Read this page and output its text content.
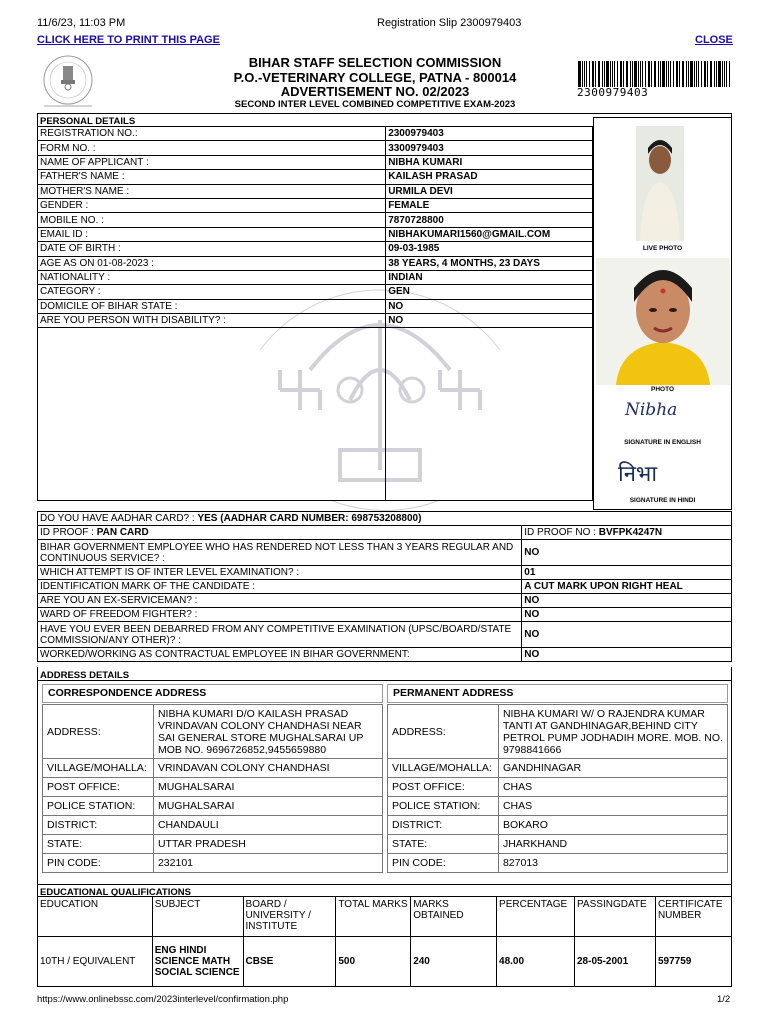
11/6/23, 11:03 PM	Registration Slip 2300979403
CLICK HERE TO PRINT THIS PAGE	CLOSE
BIHAR STAFF SELECTION COMMISSION
P.O.-VETERINARY COLLEGE, PATNA - 800014
ADVERTISEMENT NO. 02/2023
SECOND INTER LEVEL COMBINED COMPETITIVE EXAM-2023
2300979403
PERSONAL DETAILS
REGISTRATION NO.:	2300979403
FORM NO. :	3300979403
NAME OF APPLICANT :	NIBHA KUMARI
FATHER'S NAME :	KAILASH PRASAD
MOTHER'S NAME :	URMILA DEVI
GENDER :	FEMALE
MOBILE NO. :	7870728800
EMAIL ID :	NIBHAKUMARI1560@GMAIL.COM
DATE OF BIRTH :	09-03-1985
AGE AS ON 01-08-2023 :	38 YEARS, 4 MONTHS, 23 DAYS
NATIONALITY :	INDIAN
CATEGORY :	GEN
DOMICILE OF BIHAR STATE :	NO
ARE YOU PERSON WITH DISABILITY? :	NO

LIVE PHOTO
PHOTO
Nibha
SIGNATURE IN ENGLISH
निभा
SIGNATURE IN HINDI
DO YOU HAVE AADHAR CARD? : YES (AADHAR CARD NUMBER: 698753208800)	
ID PROOF : PAN CARD	ID PROOF NO : BVFPK4247N
BIHAR GOVERNMENT EMPLOYEE WHO HAS RENDERED NOT LESS THAN 3 YEARS REGULAR AND CONTINUOUS SERVICE? :	NO
WHICH ATTEMPT IS OF INTER LEVEL EXAMINATION? :	01
IDENTIFICATION MARK OF THE CANDIDATE :	A CUT MARK UPON RIGHT HEAL
ARE YOU AN EX-SERVICEMAN? :	NO
WARD OF FREEDOM FIGHTER? :	NO
HAVE YOU EVER BEEN DEBARRED FROM ANY COMPETITIVE EXAMINATION (UPSC/BOARD/STATE COMMISSION/ANY OTHER)? :	NO
WORKED/WORKING AS CONTRACTUAL EMPLOYEE IN BIHAR GOVERNMENT:	NO
ADDRESS DETAILS
CORRESPONDENCE ADDRESS	PERMANENT ADDRESS
ADDRESS:	NIBHA KUMARI D/O KAILASH PRASAD VRINDAVAN COLONY CHANDHASI NEAR SAI GENERAL STORE MUGHALSARAI UP MOB NO. 9696726852,9455659880
VILLAGE/MOHALLA:	VRINDAVAN COLONY CHANDHASI
POST OFFICE:	MUGHALSARAI
POLICE STATION:	MUGHALSARAI
DISTRICT:	CHANDAULI
STATE:	UTTAR PRADESH
PIN CODE:	232101
ADDRESS:	NIBHA KUMARI W/ O RAJENDRA KUMAR TANTI AT GANDHINAGAR,BEHIND CITY PETROL PUMP JODHADIH MORE. MOB. NO. 9798841666
VILLAGE/MOHALLA:	GANDHINAGAR
POST OFFICE:	CHAS
POLICE STATION:	CHAS
DISTRICT:	BOKARO
STATE:	JHARKHAND
PIN CODE:	827013
EDUCATIONAL QUALIFICATIONS
EDUCATION	SUBJECT	BOARD / UNIVERSITY / INSTITUTE	TOTAL MARKS	MARKS OBTAINED	PERCENTAGE	PASSINGDATE	CERTIFICATE NUMBER
10TH / EQUIVALENT	ENG HINDI SCIENCE MATH SOCIAL SCIENCE	CBSE	500	240	48.00	28-05-2001	597759
https://www.onlinebssc.com/2023interlevel/confirmation.php	1/2
